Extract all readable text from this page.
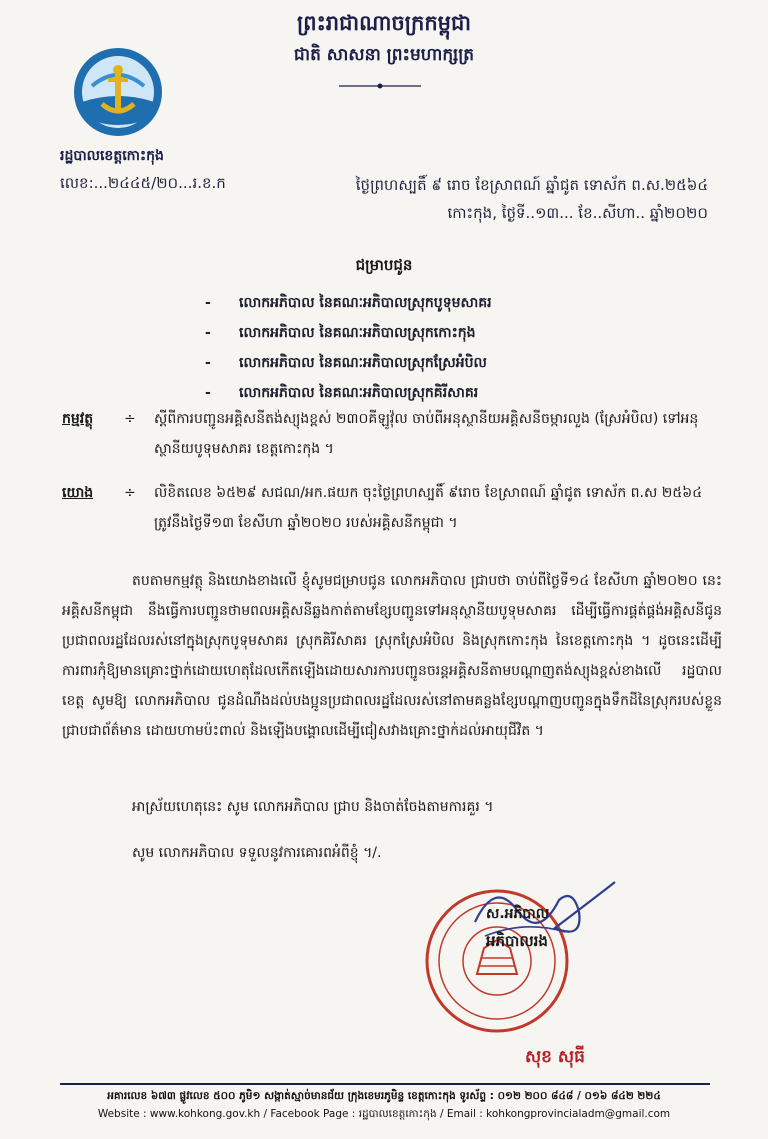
ព្រះរាជាណាចក្រកម្ពុជា
ជាតិ សាសនា ព្រះមហាក្សត្រ
រដ្ឋបាលខេត្តកោះកុង
លេខ:...២៤៤៥/២០...រ.ខ.ក	ថ្ងៃព្រហស្បតិ៍ ៩ រោច ខែស្រាពណ៍ ឆ្នាំជូត ទោស័ក ព.ស.២៥៦៤
កោះកុង, ថ្ងៃទី..១៣... ខែ..សីហា.. ឆ្នាំ២០២០
ជម្រាបជូន
-	លោកអភិបាល នៃគណៈអភិបាលស្រុកបូទុមសាគរ
-	លោកអភិបាល នៃគណៈអភិបាលស្រុកកោះកុង
-	លោកអភិបាល នៃគណៈអភិបាលស្រុកស្រែអំបិល
-	លោកអភិបាល នៃគណៈអភិបាលស្រុកគិរីសាគរ
កម្មវត្ថុ ÷ ស្តីពីការបញ្ជូនអគ្គិសនីតង់ស្យុងខ្ពស់ ២៣០គីឡូវ៉ុល ចាប់ពីអនុស្ថានីយអគ្គិសនីចម្ការលួង (ស្រែអំបិល) ទៅអនុស្ថានីយបូទុមសាគរ ខេត្តកោះកុង ។
យោង ÷ លិខិតលេខ ៦៥២៩ សជណ/អក.ផយក ចុះថ្ងៃព្រហស្បតិ៍ ៩រោច ខែស្រាពណ៍ ឆ្នាំជូត ទោស័ក ព.ស ២៥៦៤ ត្រូវនឹងថ្ងៃទី១៣ ខែសីហា ឆ្នាំ២០២០ របស់អគ្គិសនីកម្ពុជា ។
តបតាមកម្មវត្ថុ និងយោងខាងលើ ខ្ញុំសូមជម្រាបជូន លោកអភិបាល ជ្រាបថា ចាប់ពីថ្ងៃទី១៤ ខែសីហា ឆ្នាំ២០២០ នេះ អគ្គិសនីកម្ពុជា នឹងធ្វើការបញ្ជូនថាមពលអគ្គិសនីឆ្លងកាត់តាមខ្សែបញ្ជូនទៅអនុស្ថានីយបូទុមសាគរ ដើម្បីធ្វើការផ្គត់ផ្គង់អគ្គិសនីជូនប្រជាពលរដ្ឋដែលរស់នៅក្នុងស្រុកបូទុមសាគរ ស្រុកគិរីសាគរ ស្រុកស្រែអំបិល និងស្រុកកោះកុង នៃខេត្តកោះកុង ។ ដូចនេះដើម្បីការពារកុំឱ្យមានគ្រោះថ្នាក់ដោយហេតុដែលកើតឡើងដោយសារការបញ្ជូនចរន្តអគ្គិសនីតាមបណ្តាញតង់ស្យុងខ្ពស់ខាងលើ រដ្ឋបាលខេត្ត សូមឱ្យ លោកអភិបាល ជូនដំណឹងដល់បងប្អូនប្រជាពលរដ្ឋដែលរស់នៅតាមគន្លងខ្សែបណ្តាញបញ្ជូនក្នុងទឹកដីនៃស្រុករបស់ខ្លួន ជ្រាបជាព័ត៌មាន ដោយហាមប៉ះពាល់ និងឡើងបង្គោលដើម្បីជៀសវាងគ្រោះថ្នាក់ដល់អាយុជីវិត ។
អាស្រ័យហេតុនេះ សូម លោកអភិបាល ជ្រាប និងចាត់ចែងតាមការគួរ ។
សូម លោកអភិបាល ទទួលនូវការគោរពអំពីខ្ញុំ ។/.
ស.អភិបាល
អភិបាលរង
សុខ សុធី
អគារលេខ ៦៧៣ ផ្លូវលេខ ៥០០ ភូមិ១ សង្កាត់ស្មាច់មានជ័យ ក្រុងខេមរភូមិន្ទ ខេត្តកោះកុង ទូរស័ព្ទ : ០១២ ២០០ ៨៤៨ / ០១៦ ៨៤២ ២២៤
Website : www.kohkong.gov.kh / Facebook Page : រដ្ឋបាលខេត្តកោះកុង / Email : kohkongprovincialadm@gmail.com
